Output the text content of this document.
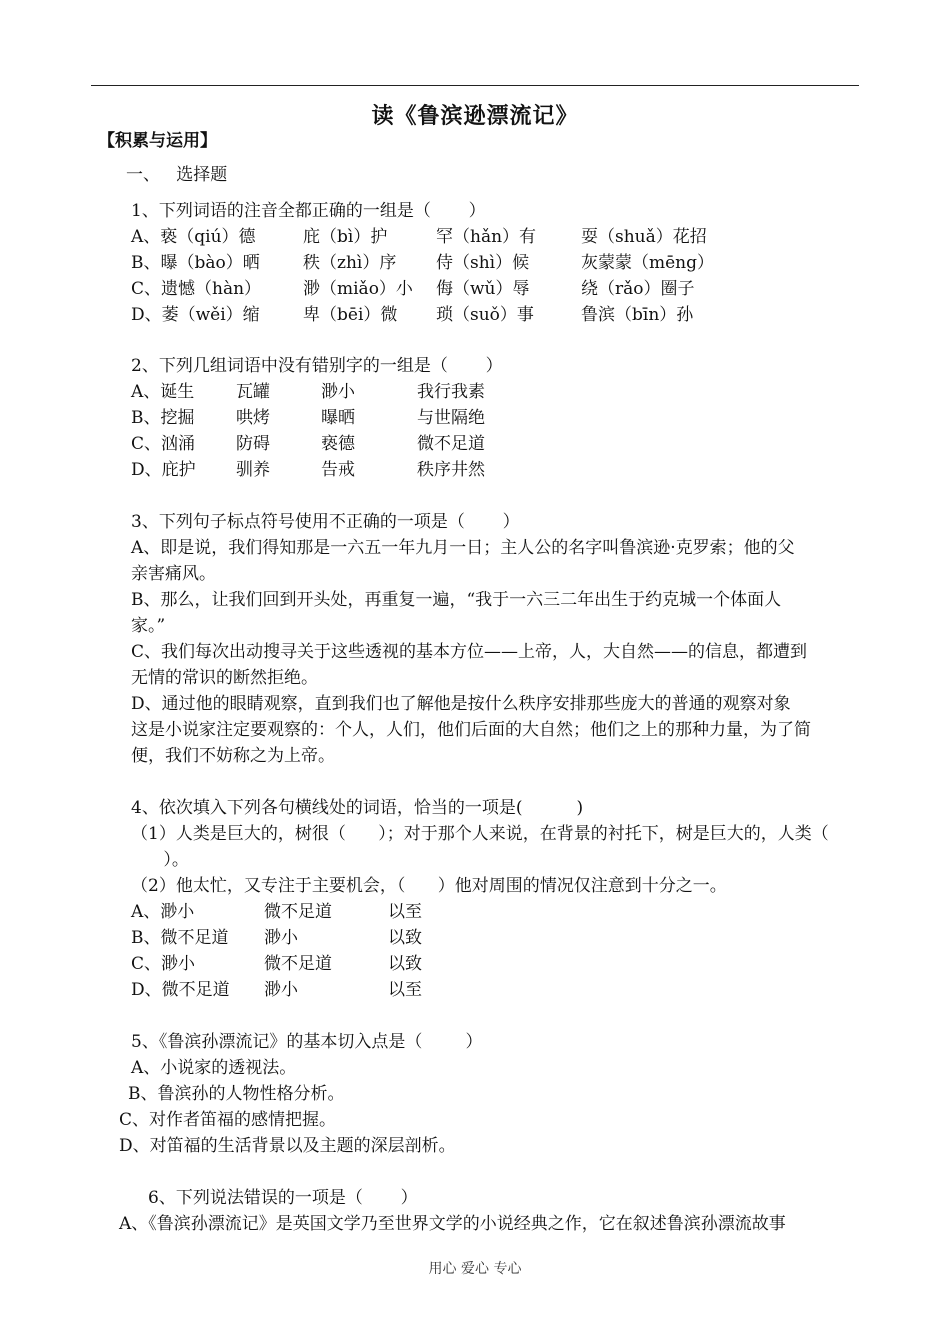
读《鲁滨逊漂流记》
【积累与运用】
一、   选择题
1、下列词语的注音全都正确的一组是（       ）
A、亵（qiú）德	庇（bì）护	罕（hǎn）有	耍（shuǎ）花招
B、曝（bào）晒	秩（zhì）序 侍（shì）候	灰蒙蒙（mēng）
C、遗憾（hàn） 渺（miǎo）小 侮（wǔ）辱	绕（rǎo）圈子
D、萎（wěi）缩	卑（bēi）微 琐（suǒ）事	鲁滨（bīn）孙
2、下列几组词语中没有错别字的一组是（       ）
A、诞生 瓦罐	渺小	我行我素
B、挖掘 哄烤	曝晒	与世隔绝
C、汹涌 防碍	亵德	微不足道
D、庇护 驯养	告戒	秩序井然
3、下列句子标点符号使用不正确的一项是（       ）
A、即是说，我们得知那是一六五一年九月一日；主人公的名字叫鲁滨逊·克罗索；他的父
亲害痛风。
B、那么，让我们回到开头处，再重复一遍，“我于一六三二年出生于约克城一个体面人
家。”
C、我们每次出动搜寻关于这些透视的基本方位——上帝，人，大自然——的信息，都遭到
无情的常识的断然拒绝。
D、通过他的眼睛观察，直到我们也了解他是按什么秩序安排那些庞大的普通的观察对象
这是小说家注定要观察的：个人，人们，他们后面的大自然；他们之上的那种力量，为了简
便，我们不妨称之为上帝。
4、依次填入下列各句横线处的词语，恰当的一项是(          )
（1）人类是巨大的，树很（      ）；对于那个人来说，在背景的衬托下，树是巨大的，人类（
）。
（2）他太忙，又专注于主要机会，（      ）他对周围的情况仅注意到十分之一。
A、渺小	微不足道	以至
B、微不足道 渺小	以致
C、渺小	微不足道	以致
D、微不足道 渺小	以至
5、《鲁滨孙漂流记》的基本切入点是（        ）
A、小说家的透视法。
B、鲁滨孙的人物性格分析。
C、对作者笛福的感情把握。
D、对笛福的生活背景以及主题的深层剖析。
6、下列说法错误的一项是（       ）
A、《鲁滨孙漂流记》是英国文学乃至世界文学的小说经典之作，它在叙述鲁滨孙漂流故事
用心 爱心 专心
